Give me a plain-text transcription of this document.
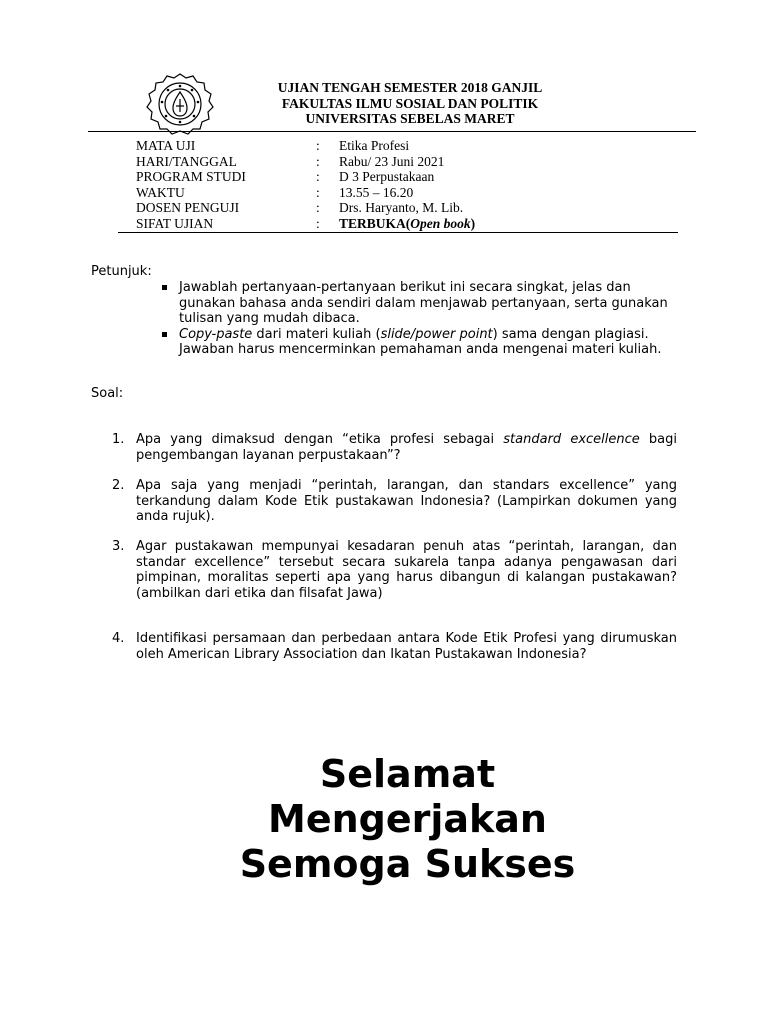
UJIAN TENGAH SEMESTER 2018 GANJIL
FAKULTAS ILMU SOSIAL DAN POLITIK
UNIVERSITAS SEBELAS MARET
MATA UJI	: Etika Profesi
HARI/TANGGAL	: Rabu/ 23 Juni 2021
PROGRAM STUDI	: D 3 Perpustakaan
WAKTU	: 13.55 – 16.20
DOSEN PENGUJI	: Drs. Haryanto, M. Lib.
SIFAT UJIAN	: TERBUKA(Open book)
Petunjuk:
Jawablah pertanyaan-pertanyaan berikut ini secara singkat, jelas dan gunakan bahasa anda sendiri dalam menjawab pertanyaan, serta gunakan tulisan yang mudah dibaca.
Copy-paste dari materi kuliah (slide/power point) sama dengan plagiasi. Jawaban harus mencerminkan pemahaman anda mengenai materi kuliah.
Soal:
1. Apa yang dimaksud dengan “etika profesi sebagai standard excellence bagi pengembangan layanan perpustakaan”?
2. Apa saja yang menjadi “perintah, larangan, dan standars excellence” yang terkandung dalam Kode Etik pustakawan Indonesia? (Lampirkan dokumen yang anda rujuk).
3. Agar pustakawan mempunyai kesadaran penuh atas “perintah, larangan, dan standar excellence” tersebut secara sukarela tanpa adanya pengawasan dari pimpinan, moralitas seperti apa yang harus dibangun di kalangan pustakawan? (ambilkan dari etika dan filsafat Jawa)
4. Identifikasi persamaan dan perbedaan antara Kode Etik Profesi yang dirumuskan oleh American Library Association dan Ikatan Pustakawan Indonesia?
Selamat
Mengerjakan
Semoga Sukses
